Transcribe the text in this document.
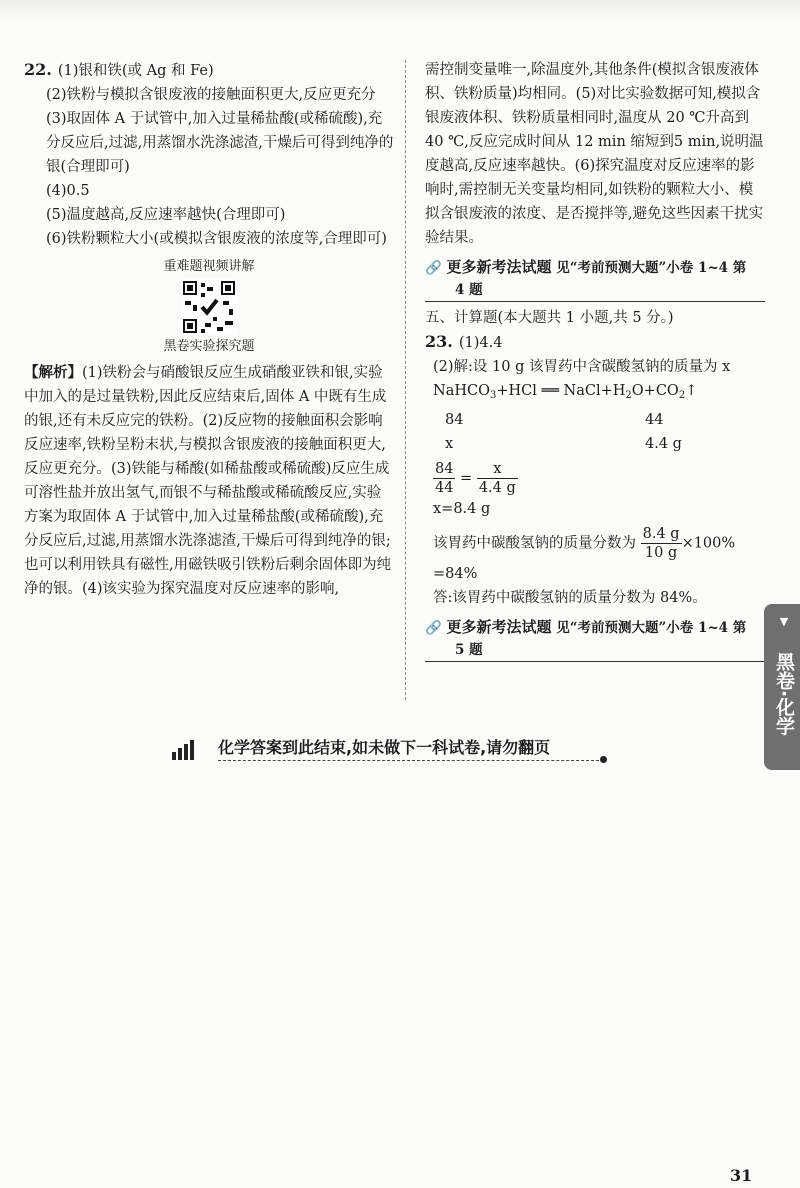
22. (1)银和铁(或 Ag 和 Fe)

(2)铁粉与模拟含银废液的接触面积更大,反应更充分

(3)取固体 A 于试管中,加入过量稀盐酸(或稀硫酸),充分反应后,过滤,用蒸馏水洗涤滤渣,干燥后可得到纯净的银(合理即可)

(4)0.5

(5)温度越高,反应速率越快(合理即可)

(6)铁粉颗粒大小(或模拟含银废液的浓度等,合理即可)

重难题视频讲解
黑卷实验探究题

【解析】(1)铁粉会与硝酸银反应生成硝酸亚铁和银,实验中加入的是过量铁粉,因此反应结束后,固体 A 中既有生成的银,还有未反应完的铁粉。(2)反应物的接触面积会影响反应速率,铁粉呈粉末状,与模拟含银废液的接触面积更大,反应更充分。(3)铁能与稀酸(如稀盐酸或稀硫酸)反应生成可溶性盐并放出氢气,而银不与稀盐酸或稀硫酸反应,实验方案为取固体 A 于试管中,加入过量稀盐酸(或稀硫酸),充分反应后,过滤,用蒸馏水洗涤滤渣,干燥后可得到纯净的银;也可以利用铁具有磁性,用磁铁吸引铁粉后剩余固体即为纯净的银。(4)该实验为探究温度对反应速率的影响,

需控制变量唯一,除温度外,其他条件(模拟含银废液体积、铁粉质量)均相同。(5)对比实验数据可知,模拟含银废液体积、铁粉质量相同时,温度从 20 ℃升高到 40 ℃,反应完成时间从 12 min 缩短到5 min,说明温度越高,反应速率越快。(6)探究温度对反应速率的影响时,需控制无关变量均相同,如铁粉的颗粒大小、模拟含银废液的浓度、是否搅拌等,避免这些因素干扰实验结果。

🔗 更多新考法试题 见“考前预测大题”小卷 1~4 第
4 题

五、计算题(本大题共 1 小题,共 5 分。)

23. (1)4.4

(2)解:设 10 g 该胃药中含碳酸氢钠的质量为 x

NaHCO$_3$+HCl ══ $NaCl+H_2O+CO_2↑$

84	44
x	4.4 g

$\frac{84}{44} = \frac{x}{4.4 g}$

x=8.4 g

该胃药中碳酸氢钠的质量分数为 $\frac{8.4 g}{10 g} \times 100\%$

=84%

答:该胃药中碳酸氢钠的质量分数为 84%。

🔗 更多新考法试题 见“考前预测大题”小卷 1~4 第
5 题
▼
黑卷·化学
化学答案到此结束,如未做下一科试卷,请勿翻页
31
